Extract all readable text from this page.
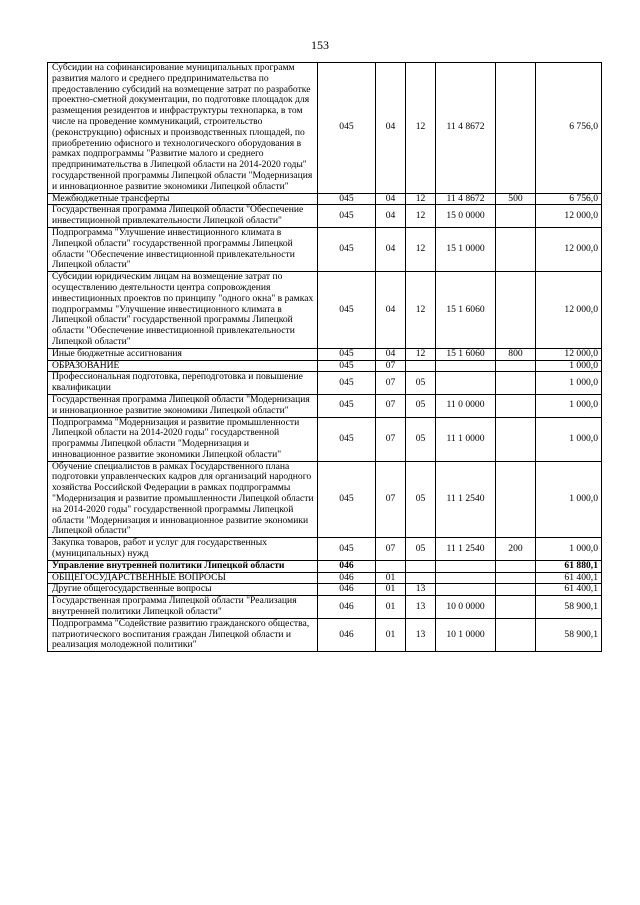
153
Субсидии на софинансирование муниципальных программ развития малого и среднего предпринимательства по предоставлению субсидий на возмещение затрат по разработке проектно-сметной документации, по подготовке площадок для размещения резидентов и инфраструктуры технопарка, в том числе на проведение коммуникаций, строительство (реконструкцию) офисных и производственных площадей, по приобретению офисного и технологического оборудования в рамках подпрограммы "Развитие малого и среднего предпринимательства в Липецкой области на 2014-2020 годы" государственной программы Липецкой области "Модернизация и инновационное развитие экономики Липецкой области"	045	04	12	11 4 8672		6 756,0
Межбюджетные трансферты	045	04	12	11 4 8672	500	6 756,0
Государственная программа Липецкой области "Обеспечение инвестиционной привлекательности Липецкой области"	045	04	12	15 0 0000		12 000,0
Подпрограмма "Улучшение инвестиционного климата в Липецкой области" государственной программы Липецкой области "Обеспечение инвестиционной привлекательности Липецкой области"	045	04	12	15 1 0000		12 000,0
Субсидии юридическим лицам на возмещение затрат по осуществлению деятельности центра сопровождения инвестиционных проектов по принципу "одного окна" в рамках подпрограммы "Улучшение инвестиционного климата в Липецкой области" государственной программы Липецкой области "Обеспечение инвестиционной привлекательности Липецкой области"	045	04	12	15 1 6060		12 000,0
Иные бюджетные ассигнования	045	04	12	15 1 6060	800	12 000,0
ОБРАЗОВАНИЕ	045	07				1 000,0
Профессиональная подготовка, переподготовка и повышение квалификации	045	07	05			1 000,0
Государственная программа Липецкой области "Модернизация и инновационное развитие экономики Липецкой области"	045	07	05	11 0 0000		1 000,0
Подпрограмма "Модернизация и развитие промышленности Липецкой области на 2014-2020 годы" государственной программы Липецкой области "Модернизация и инновационное развитие экономики Липецкой области"	045	07	05	11 1 0000		1 000,0
Обучение специалистов в рамках Государственного плана подготовки управленческих кадров для организаций народного хозяйства Российской Федерации в рамках подпрограммы "Модернизация и развитие промышленности Липецкой области на 2014-2020 годы" государственной программы Липецкой области "Модернизация и инновационное развитие экономики Липецкой области"	045	07	05	11 1 2540		1 000,0
Закупка товаров, работ и услуг для государственных (муниципальных) нужд	045	07	05	11 1 2540	200	1 000,0
Управление внутренней политики Липецкой области	046					61 880,1
ОБЩЕГОСУДАРСТВЕННЫЕ ВОПРОСЫ	046	01				61 400,1
Другие общегосударственные вопросы	046	01	13			61 400,1
Государственная программа Липецкой области "Реализация внутренней политики Липецкой области"	046	01	13	10 0 0000		58 900,1
Подпрограмма "Содействие развитию гражданского общества, патриотического воспитания граждан Липецкой области и реализация молодежной политики"	046	01	13	10 1 0000		58 900,1
